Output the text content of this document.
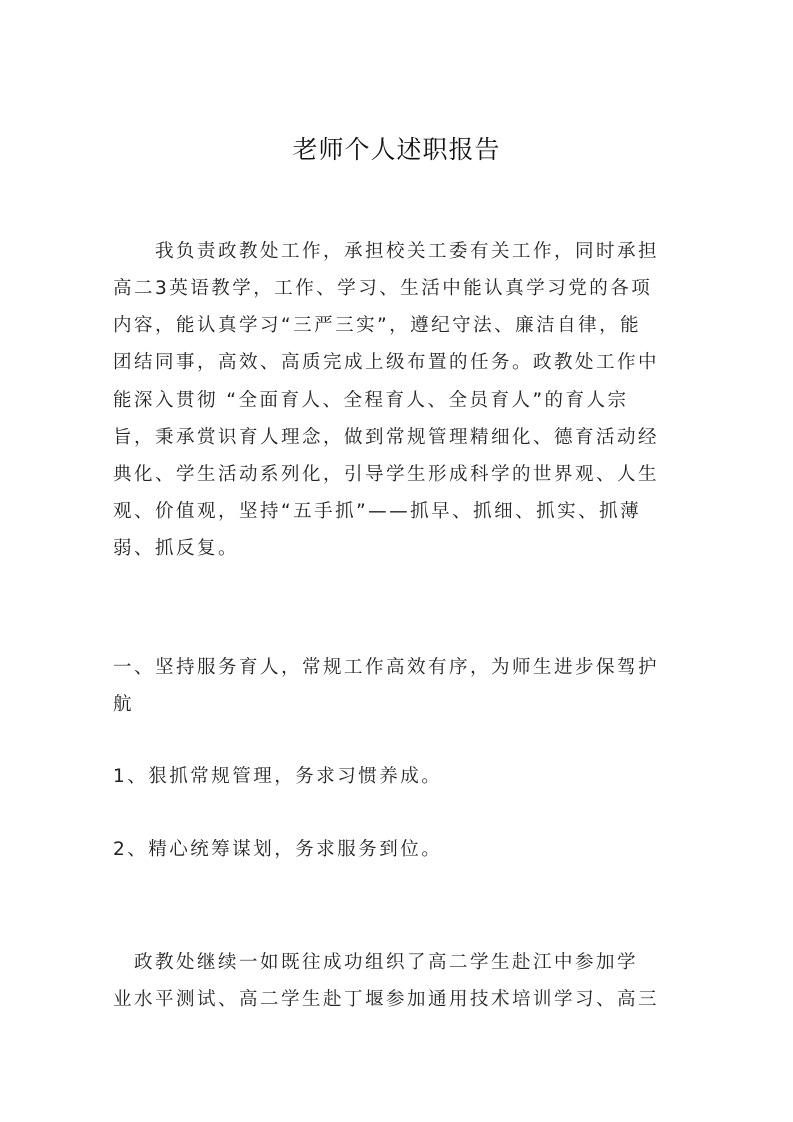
老师个人述职报告
　　我负责政教处工作，承担校关工委有关工作，同时承担
高二3英语教学，工作、学习、生活中能认真学习党的各项
内容，能认真学习“三严三实”，遵纪守法、廉洁自律，能
团结同事，高效、高质完成上级布置的任务。政教处工作中
能深入贯彻 “全面育人、全程育人、全员育人”的育人宗
旨，秉承赏识育人理念，做到常规管理精细化、德育活动经
典化、学生活动系列化，引导学生形成科学的世界观、人生
观、价值观，坚持“五手抓”——抓早、抓细、抓实、抓薄
弱、抓反复。
一、坚持服务育人，常规工作高效有序，为师生进步保驾护
航
1、狠抓常规管理，务求习惯养成。
2、精心统筹谋划，务求服务到位。
　政教处继续一如既往成功组织了高二学生赴江中参加学
业水平测试、高二学生赴丁堰参加通用技术培训学习、高三
